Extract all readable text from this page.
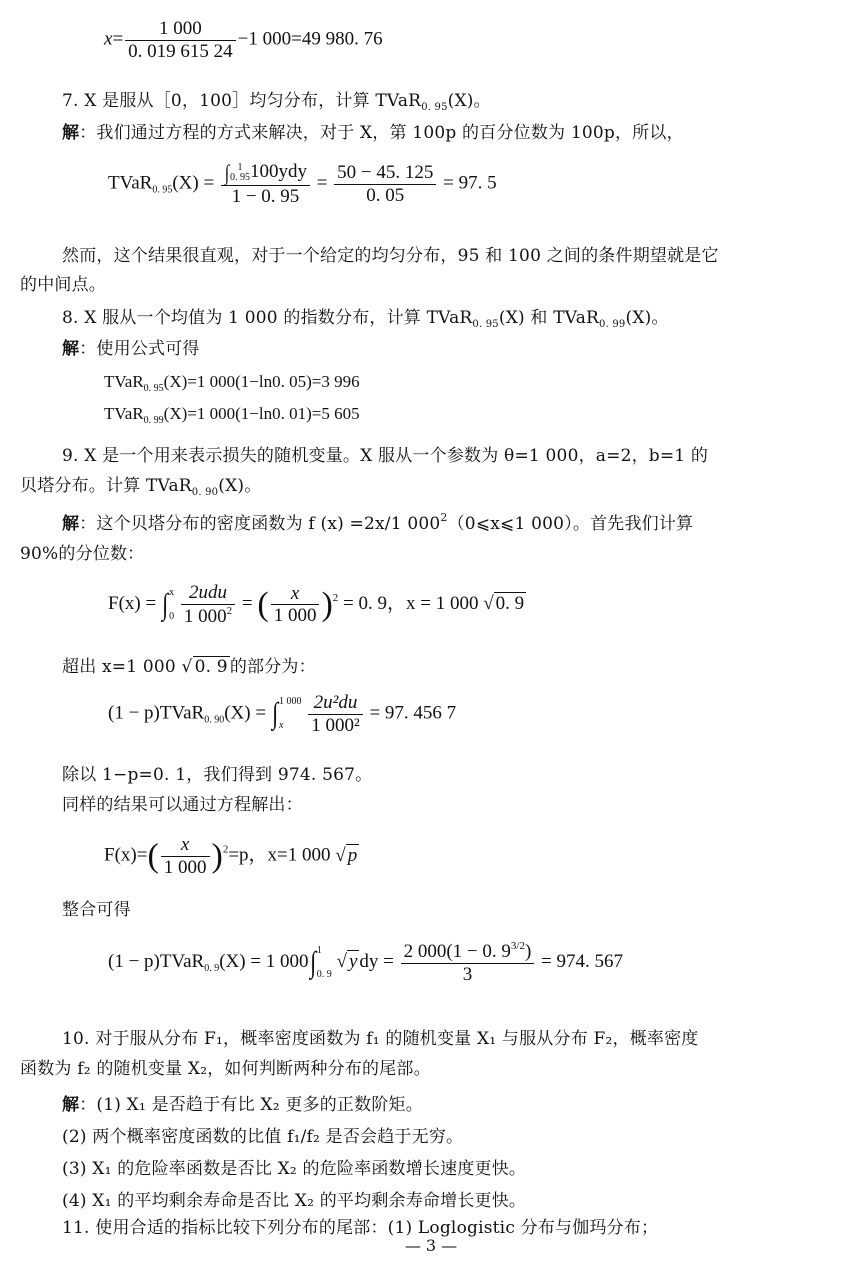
$x= \frac{1 000}{0. 019 615 24} -1$ 000=49 980. 76
7. X 是服从［0，100］均匀分布，计算 TVaR$_{0. 95}$(X)。
解：我们通过方程的方式来解决，对于 X，第 100p 的百分位数为 100p，所以，
TVaR$_{0. 95}$(X) = ∫ 1
0. 95 100ydy
1 − 0. $95 = \frac{50 - 45. 125}{0. 05} = 97$. 5
然而，这个结果很直观，对于一个给定的均匀分布，95 和 100 之间的条件期望就是它
的中间点。
8. X 服从一个均值为 1 000 的指数分布，计算 TVaR$_{0. 95}$(X) 和 TVaR$_{0. 99}$(X)。
解：使用公式可得
TVaR$_{0. 95}$(X)=1 000(1−ln0. 05)=3 996
TVaR$_{0. 99}$(X)=1 000(1−ln0. 01)=5 605
9. X 是一个用来表示损失的随机变量。X 服从一个参数为 θ=1 000，a=2，b=1 的
贝塔分布。计算 TVaR$_{0. 90}$(X)。
解：这个贝塔分布的密度函数为 f (x) =2x/1 $000^2(0⩽x⩽1$ 000）。首先我们计算
90%的分位数：
F(x) = ∫ x
0
$\frac{\text{2udu}}{1 000^2}$ = ( $\frac{x}{1 000} )^2 = 0$. 9，x = 1 000 √ 0. 9
超出 x=1 000 √ 0. 9 的部分为：
(1 − p)TVaR$_{0. 90}$(X) = ∫ 1 000
x
	$\frac{\text{2u²du}}{\text{1 000²}} = 97$. 456 7
除以 1−p=0. 1，我们得到 974. 567。
同样的结果可以通过方程解出：
$F(x)=( \frac{x}{1 000} )^2=p$，x=1 000 √ p
整合可得
(1 − p)TVaR$_{0. 9}$(X) = 1 000∫ 1
0. 9
√ y dy = $\frac{2 000(1 - 0. 9^{3/2})}{3} = 974$. 567
10. 对于服从分布 F₁，概率密度函数为 f₁ 的随机变量 X₁ 与服从分布 F₂，概率密度
函数为 f₂ 的随机变量 X₂，如何判断两种分布的尾部。
解：(1) X₁ 是否趋于有比 X₂ 更多的正数阶矩。
(2) 两个概率密度函数的比值 f₁/f₂ 是否会趋于无穷。
(3) X₁ 的危险率函数是否比 X₂ 的危险率函数增长速度更快。
(4) X₁ 的平均剩余寿命是否比 X₂ 的平均剩余寿命增长更快。
11. 使用合适的指标比较下列分布的尾部：(1) Loglogistic 分布与伽玛分布；
— 3 —
